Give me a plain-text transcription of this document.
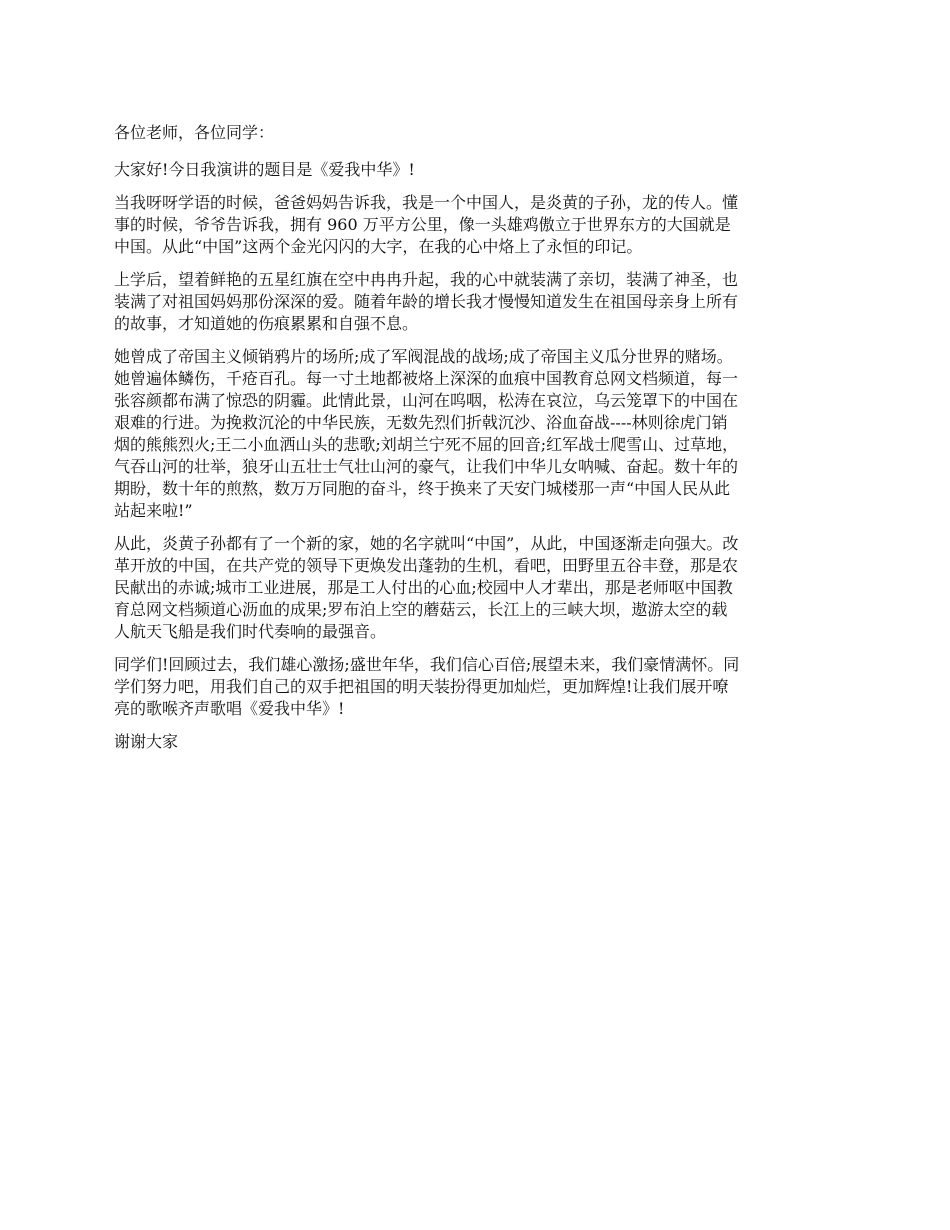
各位老师，各位同学：

大家好!今日我演讲的题目是《爱我中华》!

当我呀呀学语的时候，爸爸妈妈告诉我，我是一个中国人，是炎黄的子孙，龙的传人。懂
事的时候，爷爷告诉我，拥有 960 万平方公里，像一头雄鸡傲立于世界东方的大国就是
中国。从此“中国”这两个金光闪闪的大字，在我的心中烙上了永恒的印记。

上学后，望着鲜艳的五星红旗在空中冉冉升起，我的心中就装满了亲切，装满了神圣，也
装满了对祖国妈妈那份深深的爱。随着年龄的增长我才慢慢知道发生在祖国母亲身上所有
的故事，才知道她的伤痕累累和自强不息。

她曾成了帝国主义倾销鸦片的场所;成了军阀混战的战场;成了帝国主义瓜分世界的赌场。
她曾遍体鳞伤，千疮百孔。每一寸土地都被烙上深深的血痕中国教育总网文档频道，每一
张容颜都布满了惊恐的阴霾。此情此景，山河在呜咽，松涛在哀泣，乌云笼罩下的中国在
艰难的行进。为挽救沉沦的中华民族，无数先烈们折戟沉沙、浴血奋战----林则徐虎门销
烟的熊熊烈火;王二小血洒山头的悲歌;刘胡兰宁死不屈的回音;红军战士爬雪山、过草地，
气吞山河的壮举，狼牙山五壮士气壮山河的豪气，让我们中华儿女呐喊、奋起。数十年的
期盼，数十年的煎熬，数万万同胞的奋斗，终于换来了天安门城楼那一声“中国人民从此
站起来啦!”

从此，炎黄子孙都有了一个新的家，她的名字就叫“中国”，从此，中国逐渐走向强大。改
革开放的中国，在共产党的领导下更焕发出蓬勃的生机，看吧，田野里五谷丰登，那是农
民献出的赤诚;城市工业进展，那是工人付出的心血;校园中人才辈出，那是老师呕中国教
育总网文档频道心沥血的成果;罗布泊上空的蘑菇云，长江上的三峡大坝，遨游太空的载
人航天飞船是我们时代奏响的最强音。

同学们!回顾过去，我们雄心激扬;盛世年华，我们信心百倍;展望未来，我们豪情满怀。同
学们努力吧，用我们自己的双手把祖国的明天装扮得更加灿烂，更加辉煌!让我们展开嘹
亮的歌喉齐声歌唱《爱我中华》!

谢谢大家
